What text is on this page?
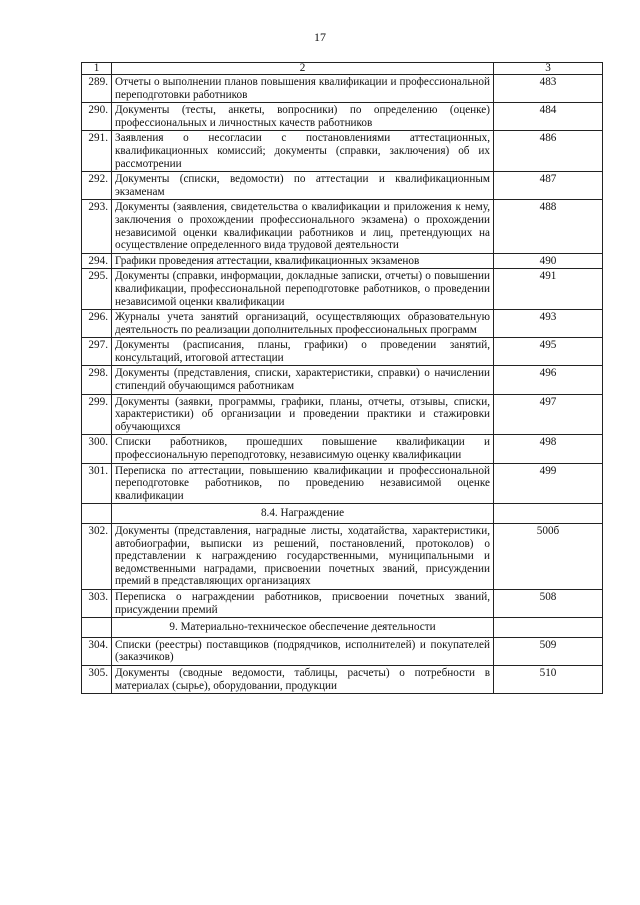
17
1	2	3
289.	Отчеты о выполнении планов повышения квалификации и профессиональной переподготовки работников	483
290.	Документы (тесты, анкеты, вопросники) по определению (оценке) профессиональных и личностных качеств работников	484
291.	Заявления о несогласии с постановлениями аттестационных, квалификационных комиссий; документы (справки, заключения) об их рассмотрении	486
292.	Документы (списки, ведомости) по аттестации и квалификационным экзаменам	487
293.	Документы (заявления, свидетельства о квалификации и приложения к нему, заключения о прохождении профессионального экзамена) о прохождении независимой оценки квалификации работников и лиц, претендующих на осуществление определенного вида трудовой деятельности	488
294.	Графики проведения аттестации, квалификационных экзаменов	490
295.	Документы (справки, информации, докладные записки, отчеты) о повышении квалификации, профессиональной переподготовке работников, о проведении независимой оценки квалификации	491
296.	Журналы учета занятий организаций, осуществляющих образовательную деятельность по реализации дополнительных профессиональных программ	493
297.	Документы (расписания, планы, графики) о проведении занятий, консультаций, итоговой аттестации	495
298.	Документы (представления, списки, характеристики, справки) о начислении стипендий обучающимся работникам	496
299.	Документы (заявки, программы, графики, планы, отчеты, отзывы, списки, характеристики) об организации и проведении практики и стажировки обучающихся	497
300.	Списки работников, прошедших повышение квалификации и профессиональную переподготовку, независимую оценку квалификации	498
301.	Переписка по аттестации, повышению квалификации и профессиональной переподготовке работников, по проведению независимой оценке квалификации	499
	8.4. Награждение	
302.	Документы (представления, наградные листы, ходатайства, характеристики, автобиографии, выписки из решений, постановлений, протоколов) о представлении к награждению государственными, муниципальными и ведомственными наградами, присвоении почетных званий, присуждении премий в представляющих организациях	500б
303.	Переписка о награждении работников, присвоении почетных званий, присуждении премий	508
	9. Материально-техническое обеспечение деятельности	
304.	Списки (реестры) поставщиков (подрядчиков, исполнителей) и покупателей (заказчиков)	509
305.	Документы (сводные ведомости, таблицы, расчеты) о потребности в материалах (сырье), оборудовании, продукции	510
